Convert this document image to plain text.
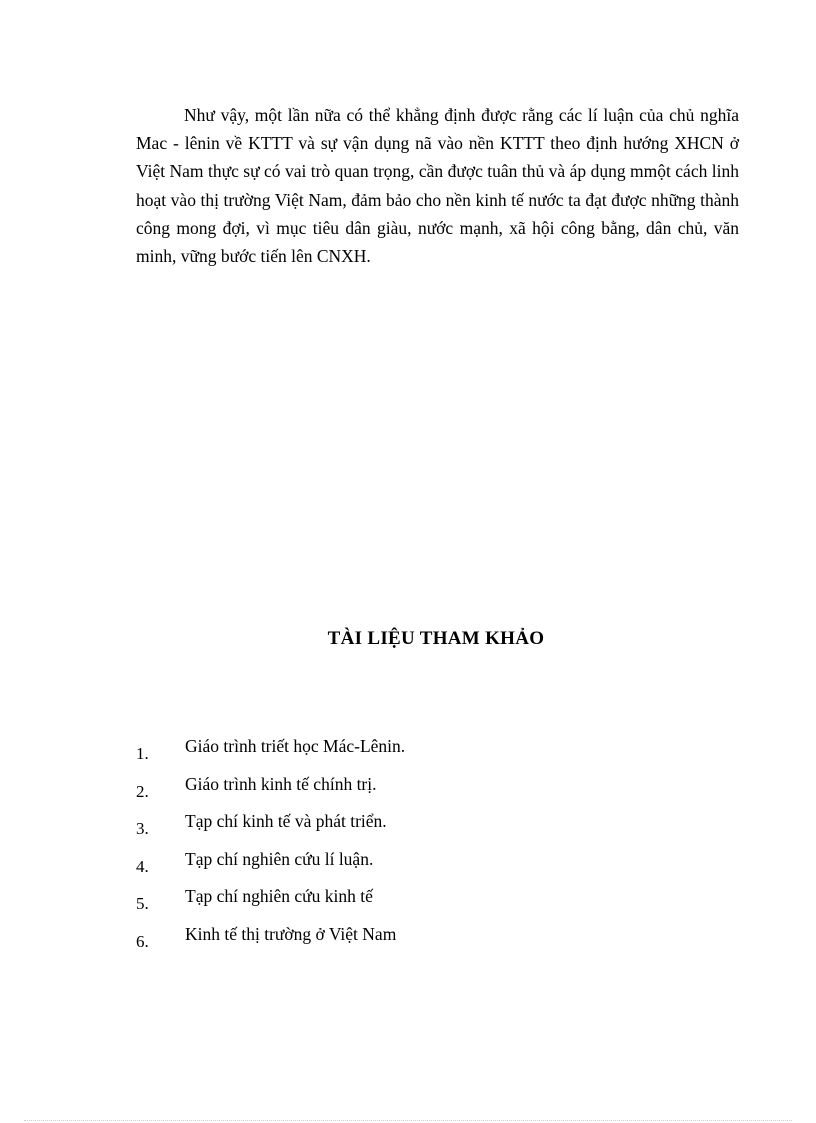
Như vậy, một lần nữa có thể khẳng định được rằng các lí luận của chủ nghĩa Mac - lênin về KTTT và sự vận dụng nã vào nền KTTT theo định hướng XHCN ở Việt Nam thực sự có vai trò quan trọng, cần được tuân thủ và áp dụng mmột cách linh hoạt vào thị trường Việt Nam, đảm bảo cho nền kinh tế nước ta đạt được những thành công mong đợi, vì mục tiêu dân giàu, nước mạnh, xã hội công bằng, dân chủ, văn minh, vững bước tiến lên CNXH.

TÀI LIỆU THAM KHẢO
1. Giáo trình triết học Mác-Lênin.
2. Giáo trình kinh tế chính trị.
3. Tạp chí kinh tế và phát triển.
4. Tạp chí nghiên cứu lí luận.
5. Tạp chí nghiên cứu kinh tế
6. Kinh tế thị trường ở Việt Nam
